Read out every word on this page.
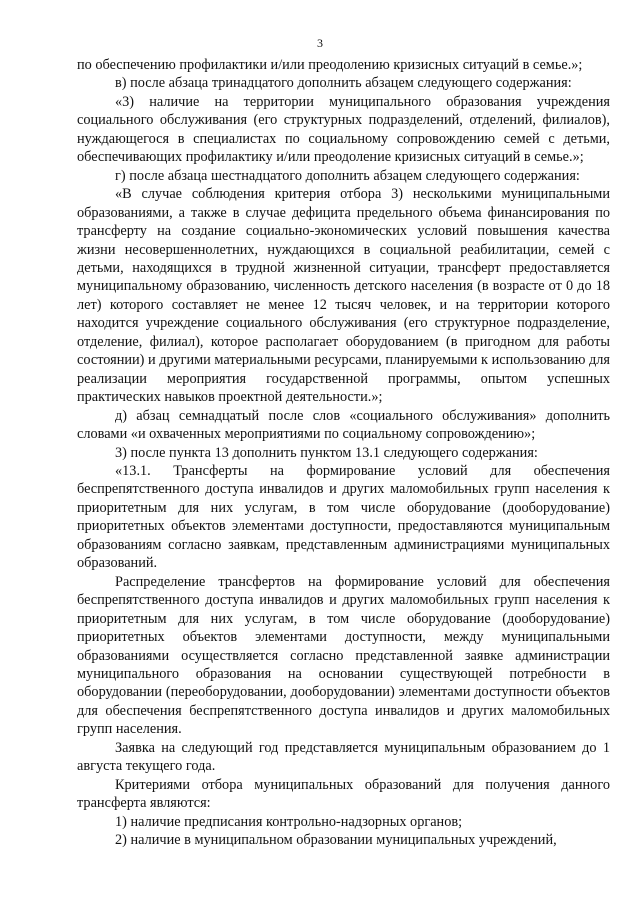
3

по обеспечению профилактики и/или преодолению кризисных ситуаций в семье.»;

в) после абзаца тринадцатого дополнить абзацем следующего содержания:

«3) наличие на территории муниципального образования учреждения социального обслуживания (его структурных подразделений, отделений, филиалов), нуждающегося в специалистах по социальному сопровождению семей с детьми, обеспечивающих профилактику и/или преодоление кризисных ситуаций в семье.»;

г) после абзаца шестнадцатого дополнить абзацем следующего содержания:

«В случае соблюдения критерия отбора 3) несколькими муниципальными образованиями, а также в случае дефицита предельного объема финансирования по трансферту на создание социально-экономических условий повышения качества жизни несовершеннолетних, нуждающихся в социальной реабилитации, семей с детьми, находящихся в трудной жизненной ситуации, трансферт предоставляется муниципальному образованию, численность детского населения (в возрасте от 0 до 18 лет) которого составляет не менее 12 тысяч человек, и на территории которого находится учреждение социального обслуживания (его структурное подразделение, отделение, филиал), которое располагает оборудованием (в пригодном для работы состоянии) и другими материальными ресурсами, планируемыми к использованию для реализации мероприятия государственной программы, опытом успешных практических навыков проектной деятельности.»;

д) абзац семнадцатый после слов «социального обслуживания» дополнить словами «и охваченных мероприятиями по социальному сопровождению»;

3) после пункта 13 дополнить пунктом 13.1 следующего содержания:

«13.1. Трансферты на формирование условий для обеспечения беспрепятственного доступа инвалидов и других маломобильных групп населения к приоритетным для них услугам, в том числе оборудование (дооборудование) приоритетных объектов элементами доступности, предоставляются муниципальным образованиям согласно заявкам, представленным администрациями муниципальных образований.

Распределение трансфертов на формирование условий для обеспечения беспрепятственного доступа инвалидов и других маломобильных групп населения к приоритетным для них услугам, в том числе оборудование (дооборудование) приоритетных объектов элементами доступности, между муниципальными образованиями осуществляется согласно представленной заявке администрации муниципального образования на основании существующей потребности в оборудовании (переоборудовании, дооборудовании) элементами доступности объектов для обеспечения беспрепятственного доступа инвалидов и других маломобильных групп населения.

Заявка на следующий год представляется муниципальным образованием до 1 августа текущего года.

Критериями отбора муниципальных образований для получения данного трансферта являются:

1) наличие предписания контрольно-надзорных органов;

2) наличие в муниципальном образовании муниципальных учреждений,
